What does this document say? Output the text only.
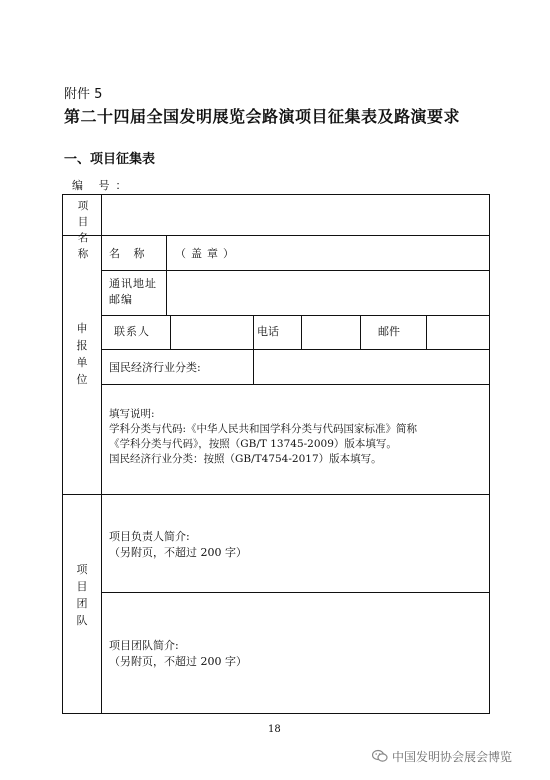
附件 5
第二十四届全国发明展览会路演项目征集表及路演要求
一、项目征集表
编 号：
项目名称
申报单位
名 称 （盖章）
通讯地址
邮编
联系人	电话	邮件
国民经济行业分类:
填写说明:
学科分类与代码:《中华人民共和国学科分类与代码国家标准》简称
《学科分类与代码》，按照（GB/T 13745-2009）版本填写。
国民经济行业分类：按照（GB/T4754-2017）版本填写。
项目团队
项目负责人简介:
（另附页，不超过 200 字）
项目团队简介:
（另附页，不超过 200 字）
18
中国发明协会展会博览
